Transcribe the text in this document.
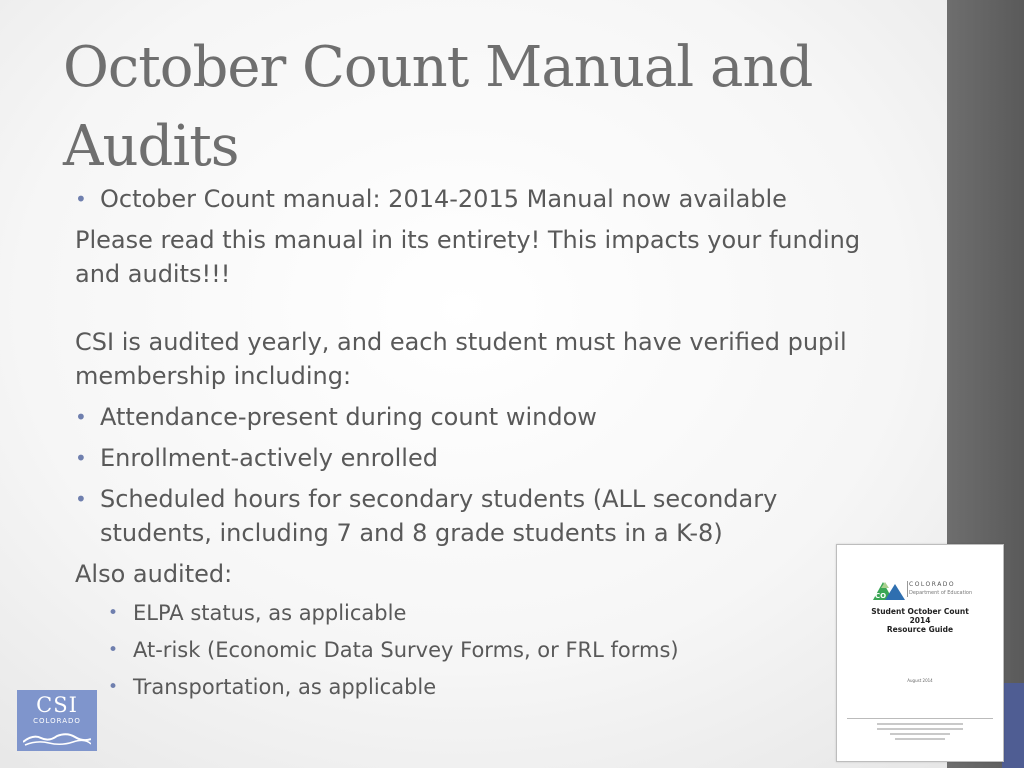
October Count Manual and Audits
• October Count manual: 2014-2015 Manual now available
Please read this manual in its entirety! This impacts your funding and audits!!!
CSI is audited yearly, and each student must have verified pupil membership including:
• Attendance-present during count window
• Enrollment-actively enrolled
• Scheduled hours for secondary students (ALL secondary students, including 7 and 8 grade students in a K-8)
Also audited:
• ELPA status, as applicable
• At-risk (Economic Data Survey Forms, or FRL forms)
• Transportation, as applicable
CSI
COLORADO
CO
COLORADO
Department of Education
Student October Count
2014
Resource Guide
August 2014
